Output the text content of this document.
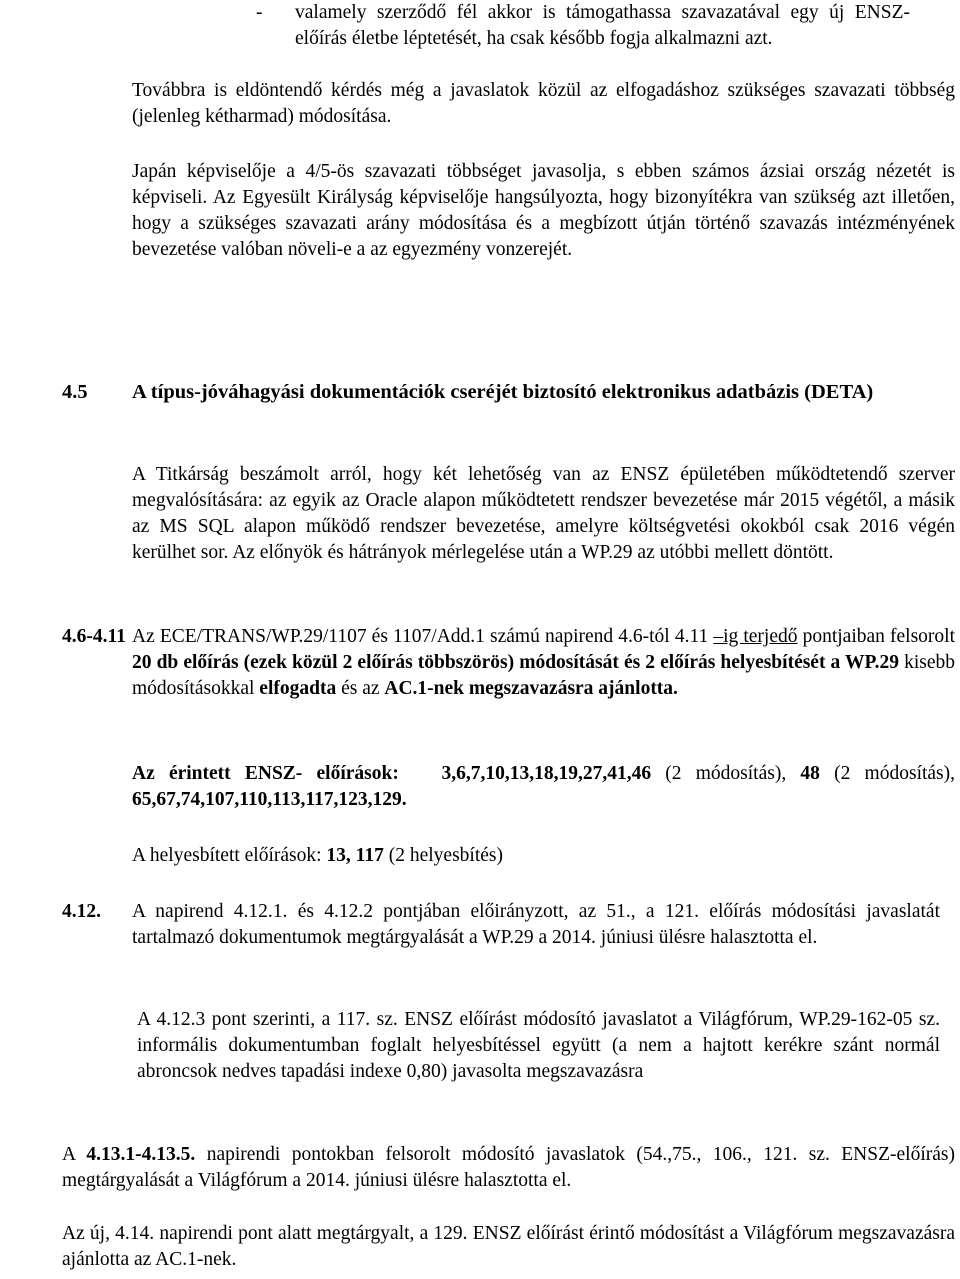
- valamely szerződő fél akkor is támogathassa szavazatával egy új ENSZ-előírás életbe léptetését, ha csak később fogja alkalmazni azt.

Továbbra is eldöntendő kérdés még a javaslatok közül az elfogadáshoz szükséges szavazati többség (jelenleg kétharmad) módosítása.

Japán képviselője a 4/5-ös szavazati többséget javasolja, s ebben számos ázsiai ország nézetét is képviseli. Az Egyesült Királyság képviselője hangsúlyozta, hogy bizonyítékra van szükség azt illetően, hogy a szükséges szavazati arány módosítása és a megbízott útján történő szavazás intézményének bevezetése valóban növeli-e a az egyezmény vonzerejét.

4.5 A típus-jóváhagyási dokumentációk cseréjét biztosító elektronikus adatbázis (DETA)

A Titkárság beszámolt arról, hogy két lehetőség van az ENSZ épületében működtetendő szerver megvalósítására: az egyik az Oracle alapon működtetett rendszer bevezetése már 2015 végétől, a másik az MS SQL alapon működő rendszer bevezetése, amelyre költségvetési okokból csak 2016 végén kerülhet sor. Az előnyök és hátrányok mérlegelése után a WP.29 az utóbbi mellett döntött.

4.6-4.11 Az ECE/TRANS/WP.29/1107 és 1107/Add.1 számú napirend 4.6-tól 4.11 –ig terjedő pontjaiban felsorolt 20 db előírás (ezek közül 2 előírás többszörös) módosítását és 2 előírás helyesbítését a WP.29 kisebb módosításokkal elfogadta és az AC.1-nek megszavazásra ajánlotta.

Az érintett ENSZ- előírások: 3,6,7,10,13,18,19,27,41,46 (2 módosítás), 48 (2 módosítás), 65,67,74,107,110,113,117,123,129.

A helyesbített előírások: 13, 117 (2 helyesbítés)

4.12. A napirend 4.12.1. és 4.12.2 pontjában előirányzott, az 51., a 121. előírás módosítási javaslatát tartalmazó dokumentumok megtárgyalását a WP.29 a 2014. júniusi ülésre halasztotta el.

A 4.12.3 pont szerinti, a 117. sz. ENSZ előírást módosító javaslatot a Világfórum, WP.29-162-05 sz. informális dokumentumban foglalt helyesbítéssel együtt (a nem a hajtott kerékre szánt normál abroncsok nedves tapadási indexe 0,80) javasolta megszavazásra

A 4.13.1-4.13.5. napirendi pontokban felsorolt módosító javaslatok (54.,75., 106., 121. sz. ENSZ-előírás) megtárgyalását a Világfórum a 2014. júniusi ülésre halasztotta el.

Az új, 4.14. napirendi pont alatt megtárgyalt, a 129. ENSZ előírást érintő módosítást a Világfórum megszavazásra ajánlotta az AC.1-nek.
